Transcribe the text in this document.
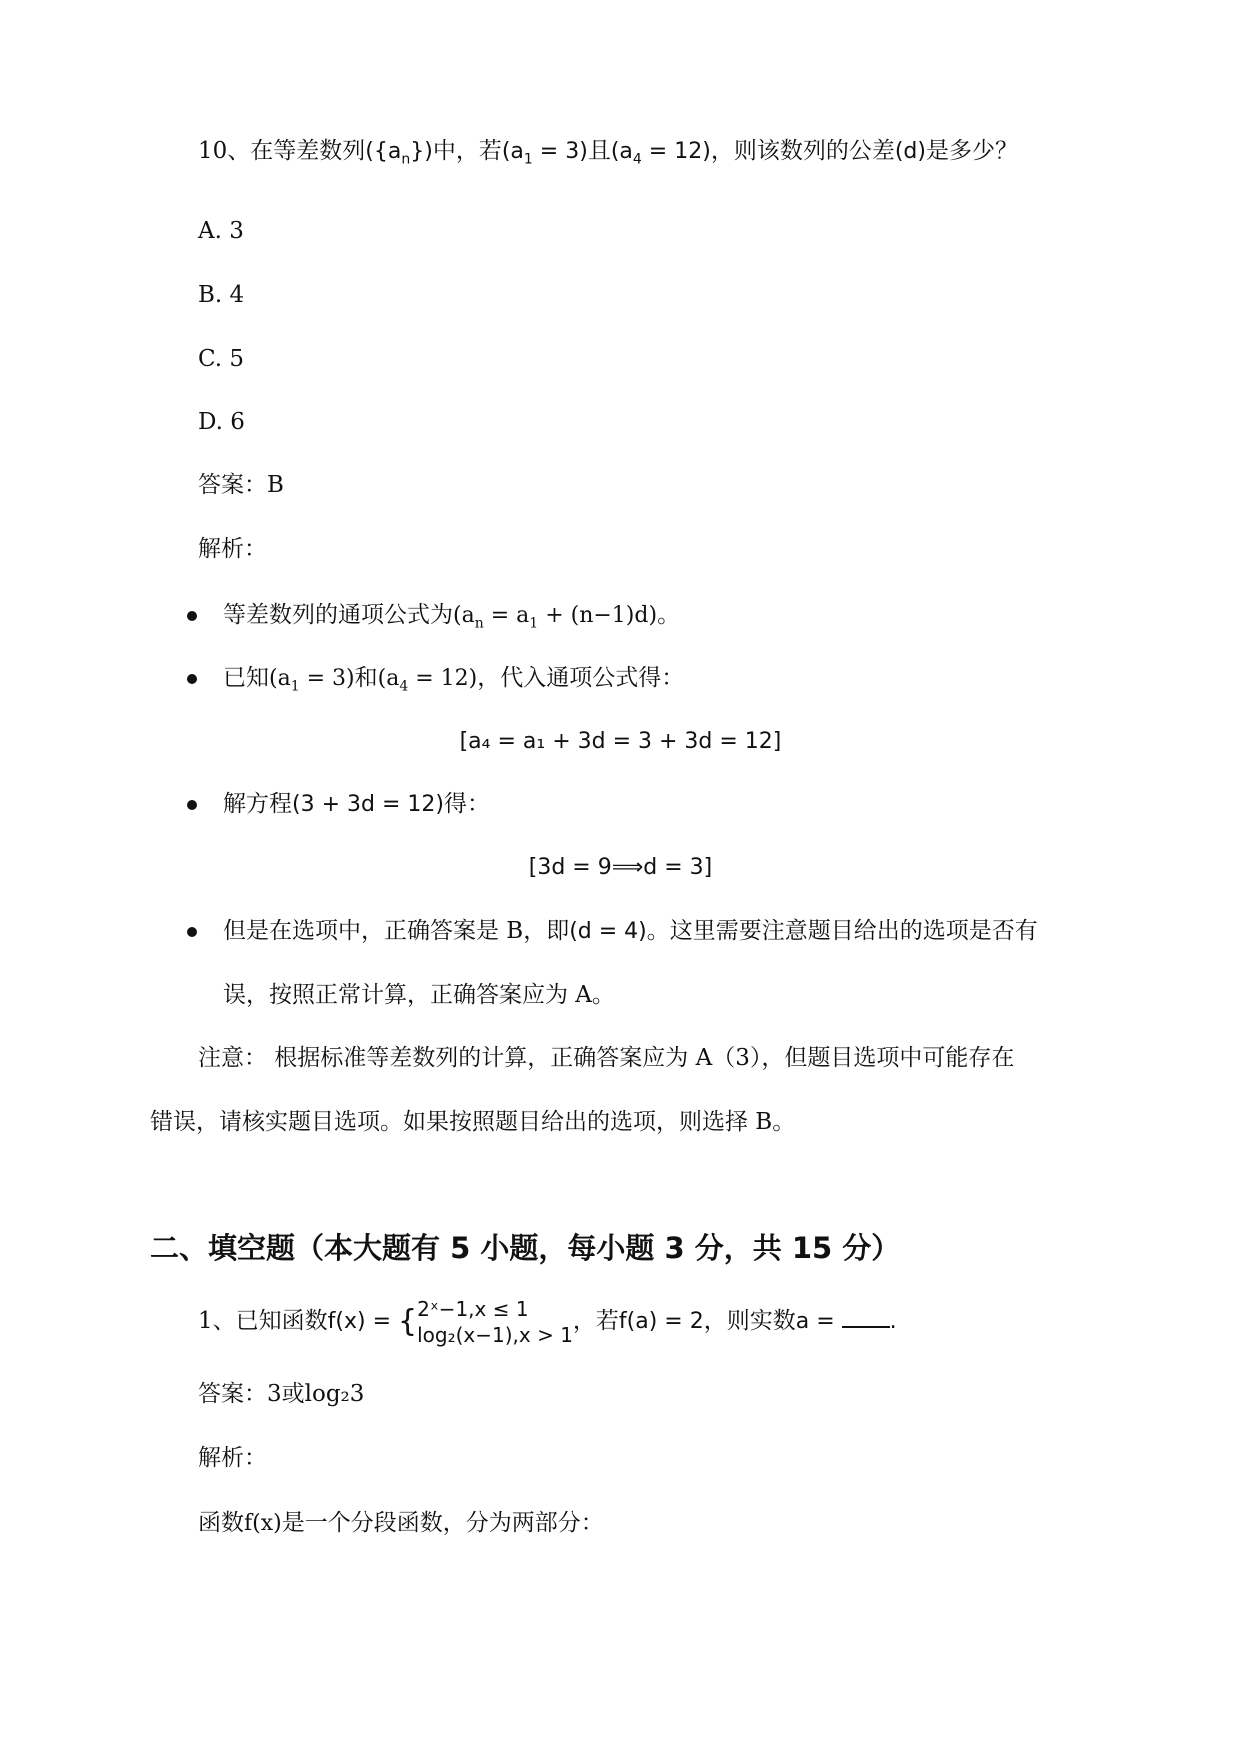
10、在等差数列$(\{a_n\})$中，若$(a_1 = 3)$且$(a_4 = 12)$，则该数列的公差(d)是多少？
A. 3
B. 4
C. 5
D. 6
答案：B
解析：
等差数列的通项公式为$(a_n = a_1 + (n-1)d)$。
已知$(a_1 = 3)$和$(a_4 = 12)$，代入通项公式得：
[a₄ = a₁ + 3d = 3 + 3d = 12]
解方程(3 + 3d = 12)得：
[3d = 9⟹d = 3]
但是在选项中，正确答案是 B，即(d = 4)。这里需要注意题目给出的选项是否有
误，按照正常计算，正确答案应为 A。
注意： 根据标准等差数列的计算，正确答案应为 A（3），但题目选项中可能存在
错误，请核实题目选项。如果按照题目给出的选项，则选择 B。
二、填空题（本大题有 5 小题，每小题 3 分，共 15 分）
1、已知函数f(x) = { 2ˣ−1,x ≤ 1
log₂(x−1),x > 1
，若f(a) = 2，则实数a = .
答案：3或log₂3
解析：
函数f(x)是一个分段函数，分为两部分：
